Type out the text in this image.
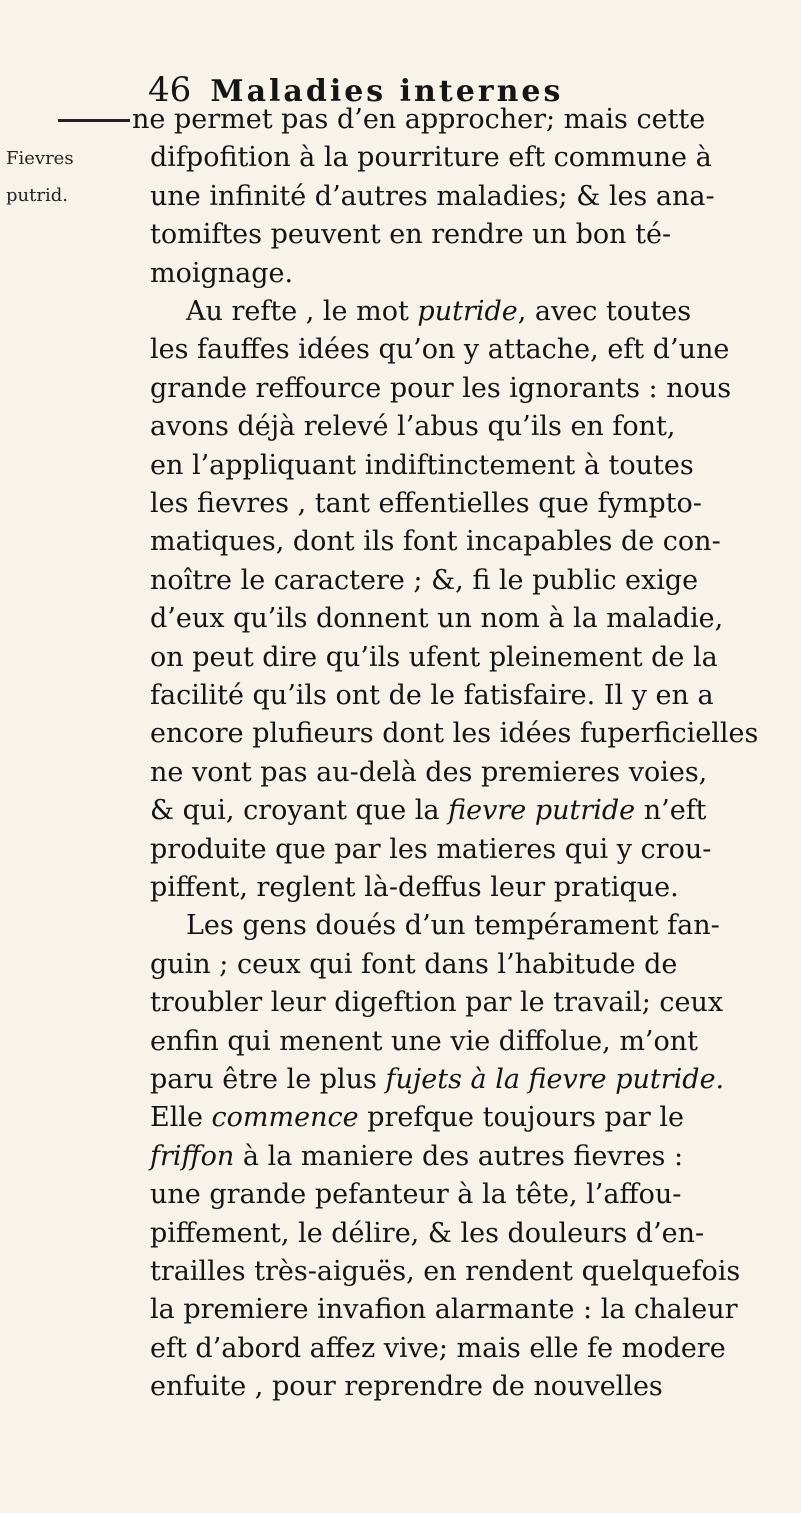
46 Maladies internes
Fievres
putrid.
ne permet pas d’en approcher; mais cette
difpofition à la pourriture eft commune à
une infinité d’autres maladies; & les ana-
tomiftes peuvent en rendre un bon té-
moignage.
Au refte , le mot putride, avec toutes
les fauffes idées qu’on y attache, eft d’une
grande reffource pour les ignorants : nous
avons déjà relevé l’abus qu’ils en font,
en l’appliquant indiftinctement à toutes
les fievres , tant effentielles que fympto-
matiques, dont ils font incapables de con-
noître le caractere ; &, fi le public exige
d’eux qu’ils donnent un nom à la maladie,
on peut dire qu’ils ufent pleinement de la
facilité qu’ils ont de le fatisfaire. Il y en a
encore plufieurs dont les idées fuperficielles
ne vont pas au-delà des premieres voies,
& qui, croyant que la fievre putride n’eft
produite que par les matieres qui y crou-
piffent, reglent là-deffus leur pratique.
Les gens doués d’un tempérament fan-
guin ; ceux qui font dans l’habitude de
troubler leur digeftion par le travail; ceux
enfin qui menent une vie diffolue, m’ont
paru être le plus fujets à la fievre putride.
Elle commence prefque toujours par le
friffon à la maniere des autres fievres :
une grande pefanteur à la tête, l’affou-
piffement, le délire, & les douleurs d’en-
trailles très-aiguës, en rendent quelquefois
la premiere invafion alarmante : la chaleur
eft d’abord affez vive; mais elle fe modere
enfuite , pour reprendre de nouvelles
